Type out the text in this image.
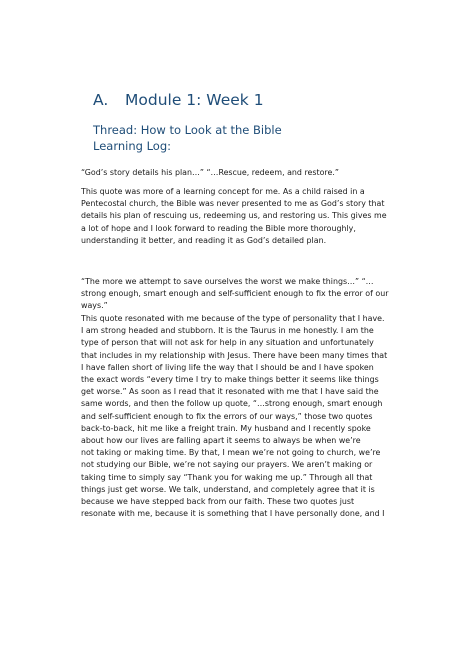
A. Module 1: Week 1
Thread: How to Look at the Bible
Learning Log:

“God’s story details his plan…” “…Rescue, redeem, and restore.”

This quote was more of a learning concept for me. As a child raised in a
Pentecostal church, the Bible was never presented to me as God’s story that
details his plan of rescuing us, redeeming us, and restoring us. This gives me
a lot of hope and I look forward to reading the Bible more thoroughly,
understanding it better, and reading it as God’s detailed plan.

“The more we attempt to save ourselves the worst we make things…” “…
strong enough, smart enough and self-sufficient enough to fix the error of our
ways.”

This quote resonated with me because of the type of personality that I have.
I am strong headed and stubborn. It is the Taurus in me honestly. I am the
type of person that will not ask for help in any situation and unfortunately
that includes in my relationship with Jesus. There have been many times that
I have fallen short of living life the way that I should be and I have spoken
the exact words “every time I try to make things better it seems like things
get worse.” As soon as I read that it resonated with me that I have said the
same words, and then the follow up quote, “…strong enough, smart enough
and self-sufficient enough to fix the errors of our ways,” those two quotes
back-to-back, hit me like a freight train. My husband and I recently spoke
about how our lives are falling apart it seems to always be when we’re
not taking or making time. By that, I mean we’re not going to church, we’re
not studying our Bible, we’re not saying our prayers. We aren’t making or
taking time to simply say “Thank you for waking me up.” Through all that
things just get worse. We talk, understand, and completely agree that it is
because we have stepped back from our faith. These two quotes just
resonate with me, because it is something that I have personally done, and I
